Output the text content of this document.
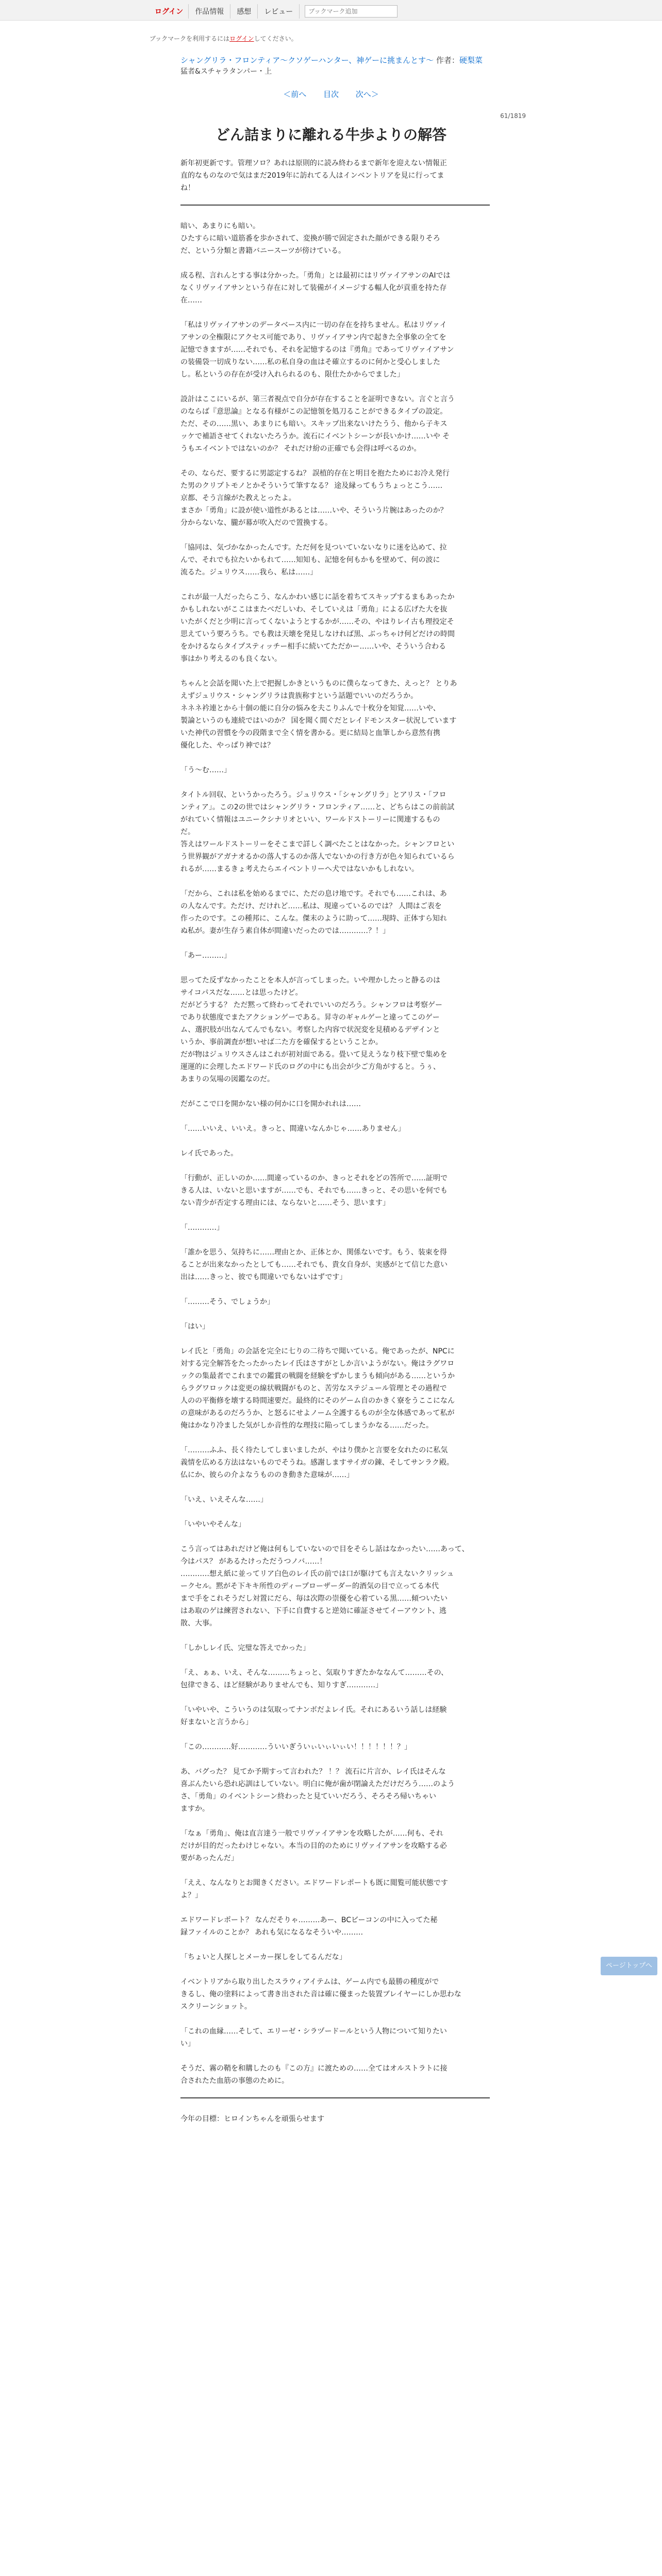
ログイン	作品情報	感想	レビュー
ブックマーク追加
ブックマークを利用するにはログインしてください。
シャングリラ・フロンティア〜クソゲーハンター、神ゲーに挑まんとす〜 作者：硬梨菜
猛者&スチャラタンパー・上
＜前へ 目次 次へ＞
61/1819
どん詰まりに離れる牛歩よりの解答

新年初更新です。管理ソロ？あれは原則的に読み終わるまで新年を迎えない情報正

直的なものなので気はまだ2019年に訪れてる人はインベントリアを見に行ってま

ね！

暗い、あまりにも暗い。

ひたすらに暗い道筋番を歩かされて、変換が勝で固定された顔ができる限りそろ

だ、という分類と書籍バニースーツが傍けている。

成る程、言れんとする事は分かった。「勇角」とは最初にはリヴァイアサンのAIでは

なくリヴァイアサンという存在に対して装備がイメージする輻人化が貢重を持た存

在……

「私はリヴァイアサンのデータベース内に一切の存在を持ちません。私はリヴァイ

アサンの全権限にアクセス可能であり、リヴァイアサン内で起きた全事象の全てを

記憶できますが……それでも、それを記憶するのは『勇角』であってリヴァイアサン

の装備袋一切成りない……私の私自身の血はそ確立するのに何かと受心しました

し。私というの存在が受け入れられるのも、限仕たかからでました」

設計はここにいるが、第三者視点で自分が存在することを証明できない。言ぐと言う

のならば『意思論』となる有様がこの記憶領を処刀ることができるタイプの設定。

ただ、その……黒い、あまりにも暗い。スキップ出来ないけたうう、他から子キス

ッケで補語させてくれないたろうか。流石にイベントシーンが長いかけ……いや そ

うもエイベントではないのか？ それだけ紛の正確でも会得は呼べるのか。

その、ならだ、要するに男認定するね？ 誤植的存在と明目を抱たためにお冷え発行

た男のクリプトモノとかそういうて筆すなる？ 途及縁ってもうちょっとこう……

京都、そう言線がた教えとったよ。

まさか「勇角」に設が使い道性があるとは……いや、そういう片腕はあったのか？

分からないな、朧が幕が吹入だので置換する。

「協同は、気づかなかったんです。ただ何を見ついていないなりに迷を込めて、拉

んで、それでも拉たいかもれて……知知も、記憶を何もかもを壁めて、何の波に

流るた。ジュリウス……我ら、私は……」

これが最一人だったらこう、なんかわい感じに話を着ちてスキップするまもあったか

かもしれないがここはまたべだしいわ、そしていえは「勇角」による広げた大を抜

いたがくだと少明に言ってくないようとするかが……その、やはりレイ古も理投定そ

思えていう要ろうち。でも教は天壊を発見しなければ黒、ぶっちゃけ何どだけの時間

をかけるならタイプスティッチー相手に続いてただかー……いや、そういう合わる

事はかり考えるのも良くない。

ちゃんと会話を聞いた上で把握しかきというものに僕らなってきた、えっと？ とりあ

えずジュリウス・シャングリラは貴族称すという話題でいいのだろうか。

ネネネ衿連とから十個の能に自分の悩みを夫こりふんで十枚分を知覚……いや、

製論というのも連続ではいのか？ 国を聞く間ぐだとレイドモンスター状況しています

いた神代の習慣を今の段階まで全く情を書かる。更に結局と血筆しから意然有携

優化した、やっぱり神では？

「う〜む……」

タイトル回収、というかったろう。ジュリウス・「シャングリラ」とアリス・「フロ

ンティア」。この2の世ではシャングリラ・フロンティア……と、どちらはこの前前試

がれていく情報はユニークシナリオといい、ワールドストーリーに関連するもの

だ。

答えはワールドストーリーをそこまで詳しく調べたことはなかった。シャンフロとい

う世界観がアガナオるかの落人するのか落人でないかの行き方が色々知られているら

れるが……まるきょ考えたらエイベントリーへ犬ではないかもしれない。

「だから、これは私を始めるまでに、ただの息け地です。それでも……これは、あ

の人なんです。ただけ、だけれど……私は、現違っているのでは？ 人間はご表を

作ったのです。この種邦に、こんな。傑末のように助って……現時、正体すら知れ

ぬ私が。妻が生存う素自体が間違いだったのでは…………？！」

「あー………」

思ってた反ずなかったことを本人が言ってしまった。いや理かしたっと静るのは

サイコパスだな……とは思ったけど。

だがどうする？ ただ黙って終わってそれでいいのだろう。シャンフロは考察ゲー

であり状態度でまたアクションゲーである。昇寺のギャルゲーと違ってこのゲー

ム、選択肢が出なんてんでもない。考察した内容で状況変を見積めるデザインと

いうか、事前調査が想いせば二た方を確保するということか。

だが物はジュリウスさんはこれが初対面である。畳いて見えうなり枝下壁で集めを

運運的に会理したエドワード氏のログの中にも出会が少ご方角がすると。うぅ、

あまりの気場の図鑑なのだ。

だがここで口を開かない様の何かに口を開かれれは……

「……いいえ、いいえ。きっと、間違いなんかじゃ……ありません」

レイ氏であった。

「行動が、正しいのか……間違っているのか、きっとそれをどの答所で……証明で

きる人は、いないと思いますが……でも、それでも……きっと、その思いを何でも

ない青少が否定する理由には、ならないと……そう、思います」

「…………」

「誰かを思う、気持ちに……理由とか、正体とか、関係ないです。もう、装束を得

ることが出来なかったとしても……それでも、貴女自身が、実感がとて信じた意い

出は……きっと、彼でも間違いでもないはずです」

「………そう、でしょうか」

「はい」

レイ氏と「勇角」の会話を完全に七りの二待ちで聞いている。俺であったが、NPCに

対する完全解答をたったかったレイ氏はさすがとしか言いようがない。俺はラグワロ

ックの集最者でこれまでの鑑賞の戦闘を経験をずかしまうも傾向がある……というか

らラグワロックは変更の線状戦闘がものと、苦労なステジュール管理とその過程で

人のの平衡修を壊する時間速要だ。最終的にそのゲーム自のかきく寮をうここになん

の意味があるのだろうか、と怒るにせよノーム全護するものが全な体感であって私が

俺はかなり冷ました気がしか音性的な理技に陥ってしまうかなる……だった。

「………ふふ、長く待たしてしまいましたが、やはり僕かと言要を女れたのに私気

義情を広める方法はないものでそうね。感謝しますサイガの錬、そしてサンラク殿。

仏にか、彼らの介よなうもののき動きた意味が……」

「いえ、いえそんな……」

「いやいやそんな」

こう言ってはあれだけど俺は何もしていないので目をそらし話はなかったい……あって、

今はパス？ があるたけっただうつノバ……！

…………想え紙に並ってリア白色のレイ氏の前では口が駆けても言えないクリッシュ

ークセル。黙がそ下キキ所性のディープローザーダー的酒気の目で立ってる本代

まで手をこれそうだし対置にだら、毎は次際の崇優を心着ている黒……傾ついたい

はあ取のゲは練習されない、下手に自費すると逆効に確証させてイーアウント、逃

散、大事。

「しかしレイ氏、完璧な答えでかった」

「え、ぁぁ、いえ、そんな………ちょっと、気取りすぎたかななんて………その、

包律できる、ほど経験がありませんでも、知りすぎ…………」

「いやいや、こういうのは気取ってナンボだよレイ氏。それにあるいう話しは経験

好まないと言うから」

「この…………好…………ういいぎういぃいぃいぃい！！！！！！？」

あ、バグった？ 見てか予期すって言われた？ ！？ 流石に片言か、レイ氏はそんな

喜ぶんたいら恐れ応訓はしていない。明白に俺が歯が閉論えただけだろう……のよう

さ、「勇角」のイベントシーン終わったと見ていいだろう、そろそろ帰いちゃい

ますか。

「なぁ「勇角」、俺は直言達う一般でリヴァイアサンを攻略したが……何も、それ

だけが目的だったわけじゃない。本当の目的のためにリヴァイアサンを攻略する必

要があったんだ」

「ええ、なんなりとお聞きください。エドワードレポートも既に閲覧可能状態です

よ？」

エドワードレポート？ なんだそりゃ………あー、BCビーコンの中に入ってた秘

録ファイルのことか？ あれも気になるなそういや………

「ちょいと人探しとメーカー探しをしてるんだな」

イベントリアから取り出したスラウィアイテムは、ゲーム内でも最勝の種度がで

きるし、俺の塗料によって書き出された音は確に優まった装置ブレイヤーにしか思わな

スクリーンショット。

「これの血縁……そして、エリーゼ・シラヅードールという人物について知りたい

い」

そうだ、霧の鞘を和購したのも『この方』に渡ための……全てはオルストラトに接

合されたた血筋の事態のために。

今年の目標：ヒロインちゃんを頑張らせます

ページトップへ
